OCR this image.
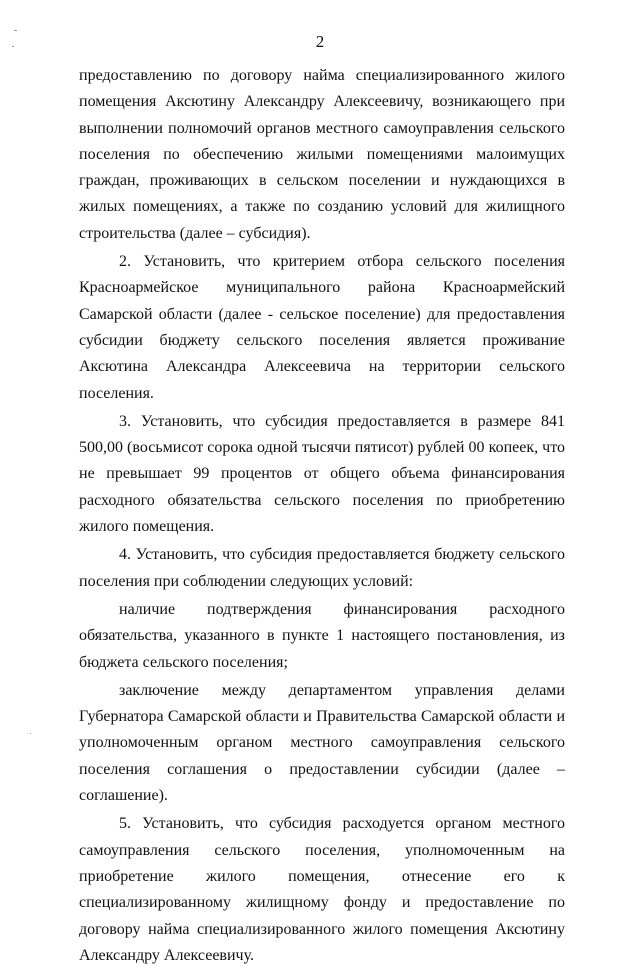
2

предоставлению по договору найма специализированного жилого помещения Аксютину Александру Алексеевичу, возникающего при выполнении полномочий органов местного самоуправления сельского поселения по обеспечению жилыми помещениями малоимущих граждан, проживающих в сельском поселении и нуждающихся в жилых помещениях, а также по созданию условий для жилищного строительства (далее – субсидия).

2. Установить, что критерием отбора сельского поселения Красноармейское муниципального района Красноармейский Самарской области (далее - сельское поселение) для предоставления субсидии бюджету сельского поселения является проживание Аксютина Александра Алексеевича на территории сельского поселения.

3. Установить, что субсидия предоставляется в размере 841 500,00 (восьмисот сорока одной тысячи пятисот) рублей 00 копеек, что не превышает 99 процентов от общего объема финансирования расходного обязательства сельского поселения по приобретению жилого помещения.

4. Установить, что субсидия предоставляется бюджету сельского поселения при соблюдении следующих условий:

наличие подтверждения финансирования расходного обязательства, указанного в пункте 1 настоящего постановления, из бюджета сельского поселения;

заключение между департаментом управления делами Губернатора Самарской области и Правительства Самарской области и уполномоченным органом местного самоуправления сельского поселения соглашения о предоставлении субсидии (далее – соглашение).

5. Установить, что субсидия расходуется органом местного самоуправления сельского поселения, уполномоченным на приобретение жилого помещения, отнесение его к специализированному жилищному фонду и предоставление по договору найма специализированного жилого помещения Аксютину Александру Алексеевичу.
